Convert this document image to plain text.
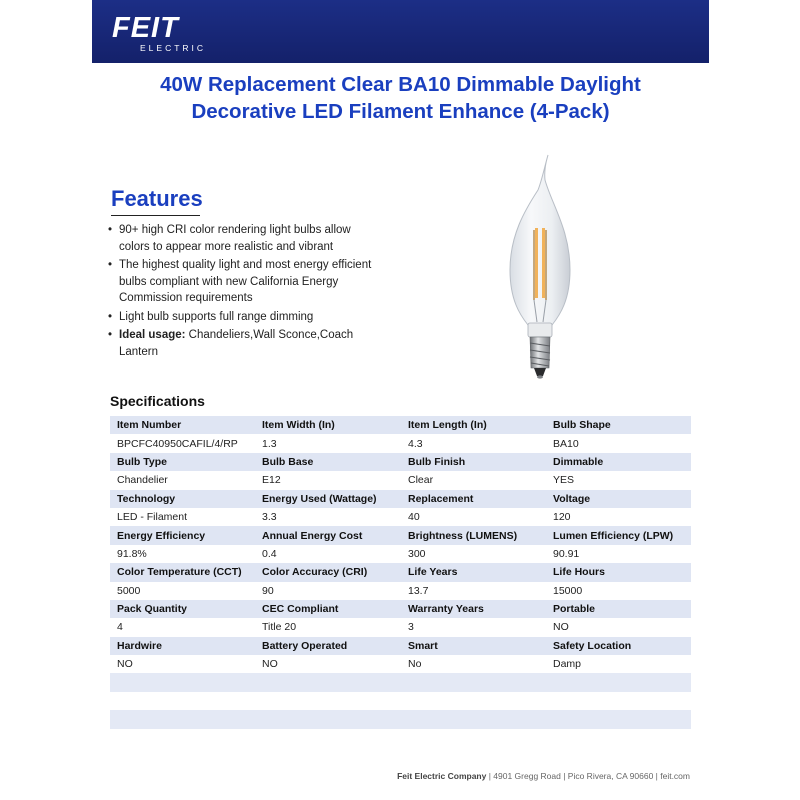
FEIT
ELECTRIC
40W Replacement Clear BA10 Dimmable Daylight
Decorative LED Filament Enhance (4-Pack)
Features
• 90+ high CRI color rendering light bulbs allow colors to appear more realistic and vibrant
• The highest quality light and most energy efficient bulbs compliant with new California Energy Commission requirements
• Light bulb supports full range dimming
• Ideal usage: Chandeliers,Wall Sconce,Coach Lantern
Specifications
Item Number	Item Width (In)	Item Length (In)	Bulb Shape
BPCFC40950CAFIL/4/RP	1.3	4.3	BA10
Bulb Type	Bulb Base	Bulb Finish	Dimmable
Chandelier	E12	Clear	YES
Technology	Energy Used (Wattage)	Replacement	Voltage
LED - Filament	3.3	40	120
Energy Efficiency	Annual Energy Cost	Brightness (LUMENS)	Lumen Efficiency (LPW)
91.8%	0.4	300	90.91
Color Temperature (CCT)	Color Accuracy (CRI)	Life Years	Life Hours
5000	90	13.7	15000
Pack Quantity	CEC Compliant	Warranty Years	Portable
4	Title 20	3	NO
Hardwire	Battery Operated	Smart	Safety Location
NO	NO	No	Damp

Feit Electric Company | 4901 Gregg Road | Pico Rivera, CA 90660 | feit.com
